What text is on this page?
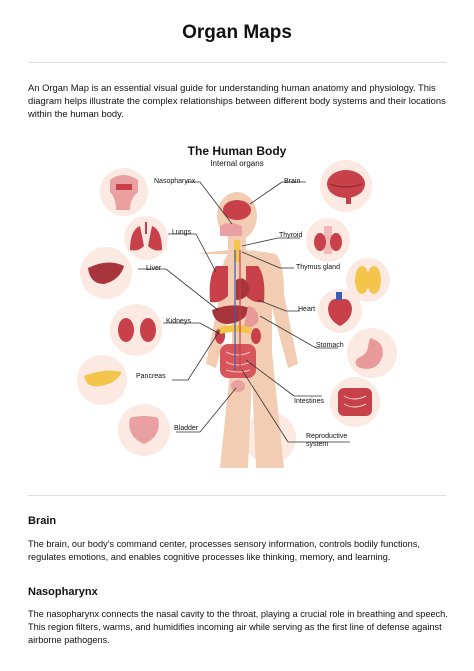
Organ Maps
An Organ Map is an essential visual guide for understanding human anatomy and physiology. This diagram helps illustrate the complex relationships between different body systems and their locations within the human body.
The Human Body
Internal organs
Nasopharynx	Brain
Lungs	Thyroid
Liver	Thymus gland
Kidneys
Heart
Stomach
Pancreas
Intestines
Bladder
Reproductive
system
Brain
The brain, our body's command center, processes sensory information, controls bodily functions, regulates emotions, and enables cognitive processes like thinking, memory, and learning.
Nasopharynx
The nasopharynx connects the nasal cavity to the throat, playing a crucial role in breathing and speech. This region filters, warms, and humidifies incoming air while serving as the first line of defense against airborne pathogens.
